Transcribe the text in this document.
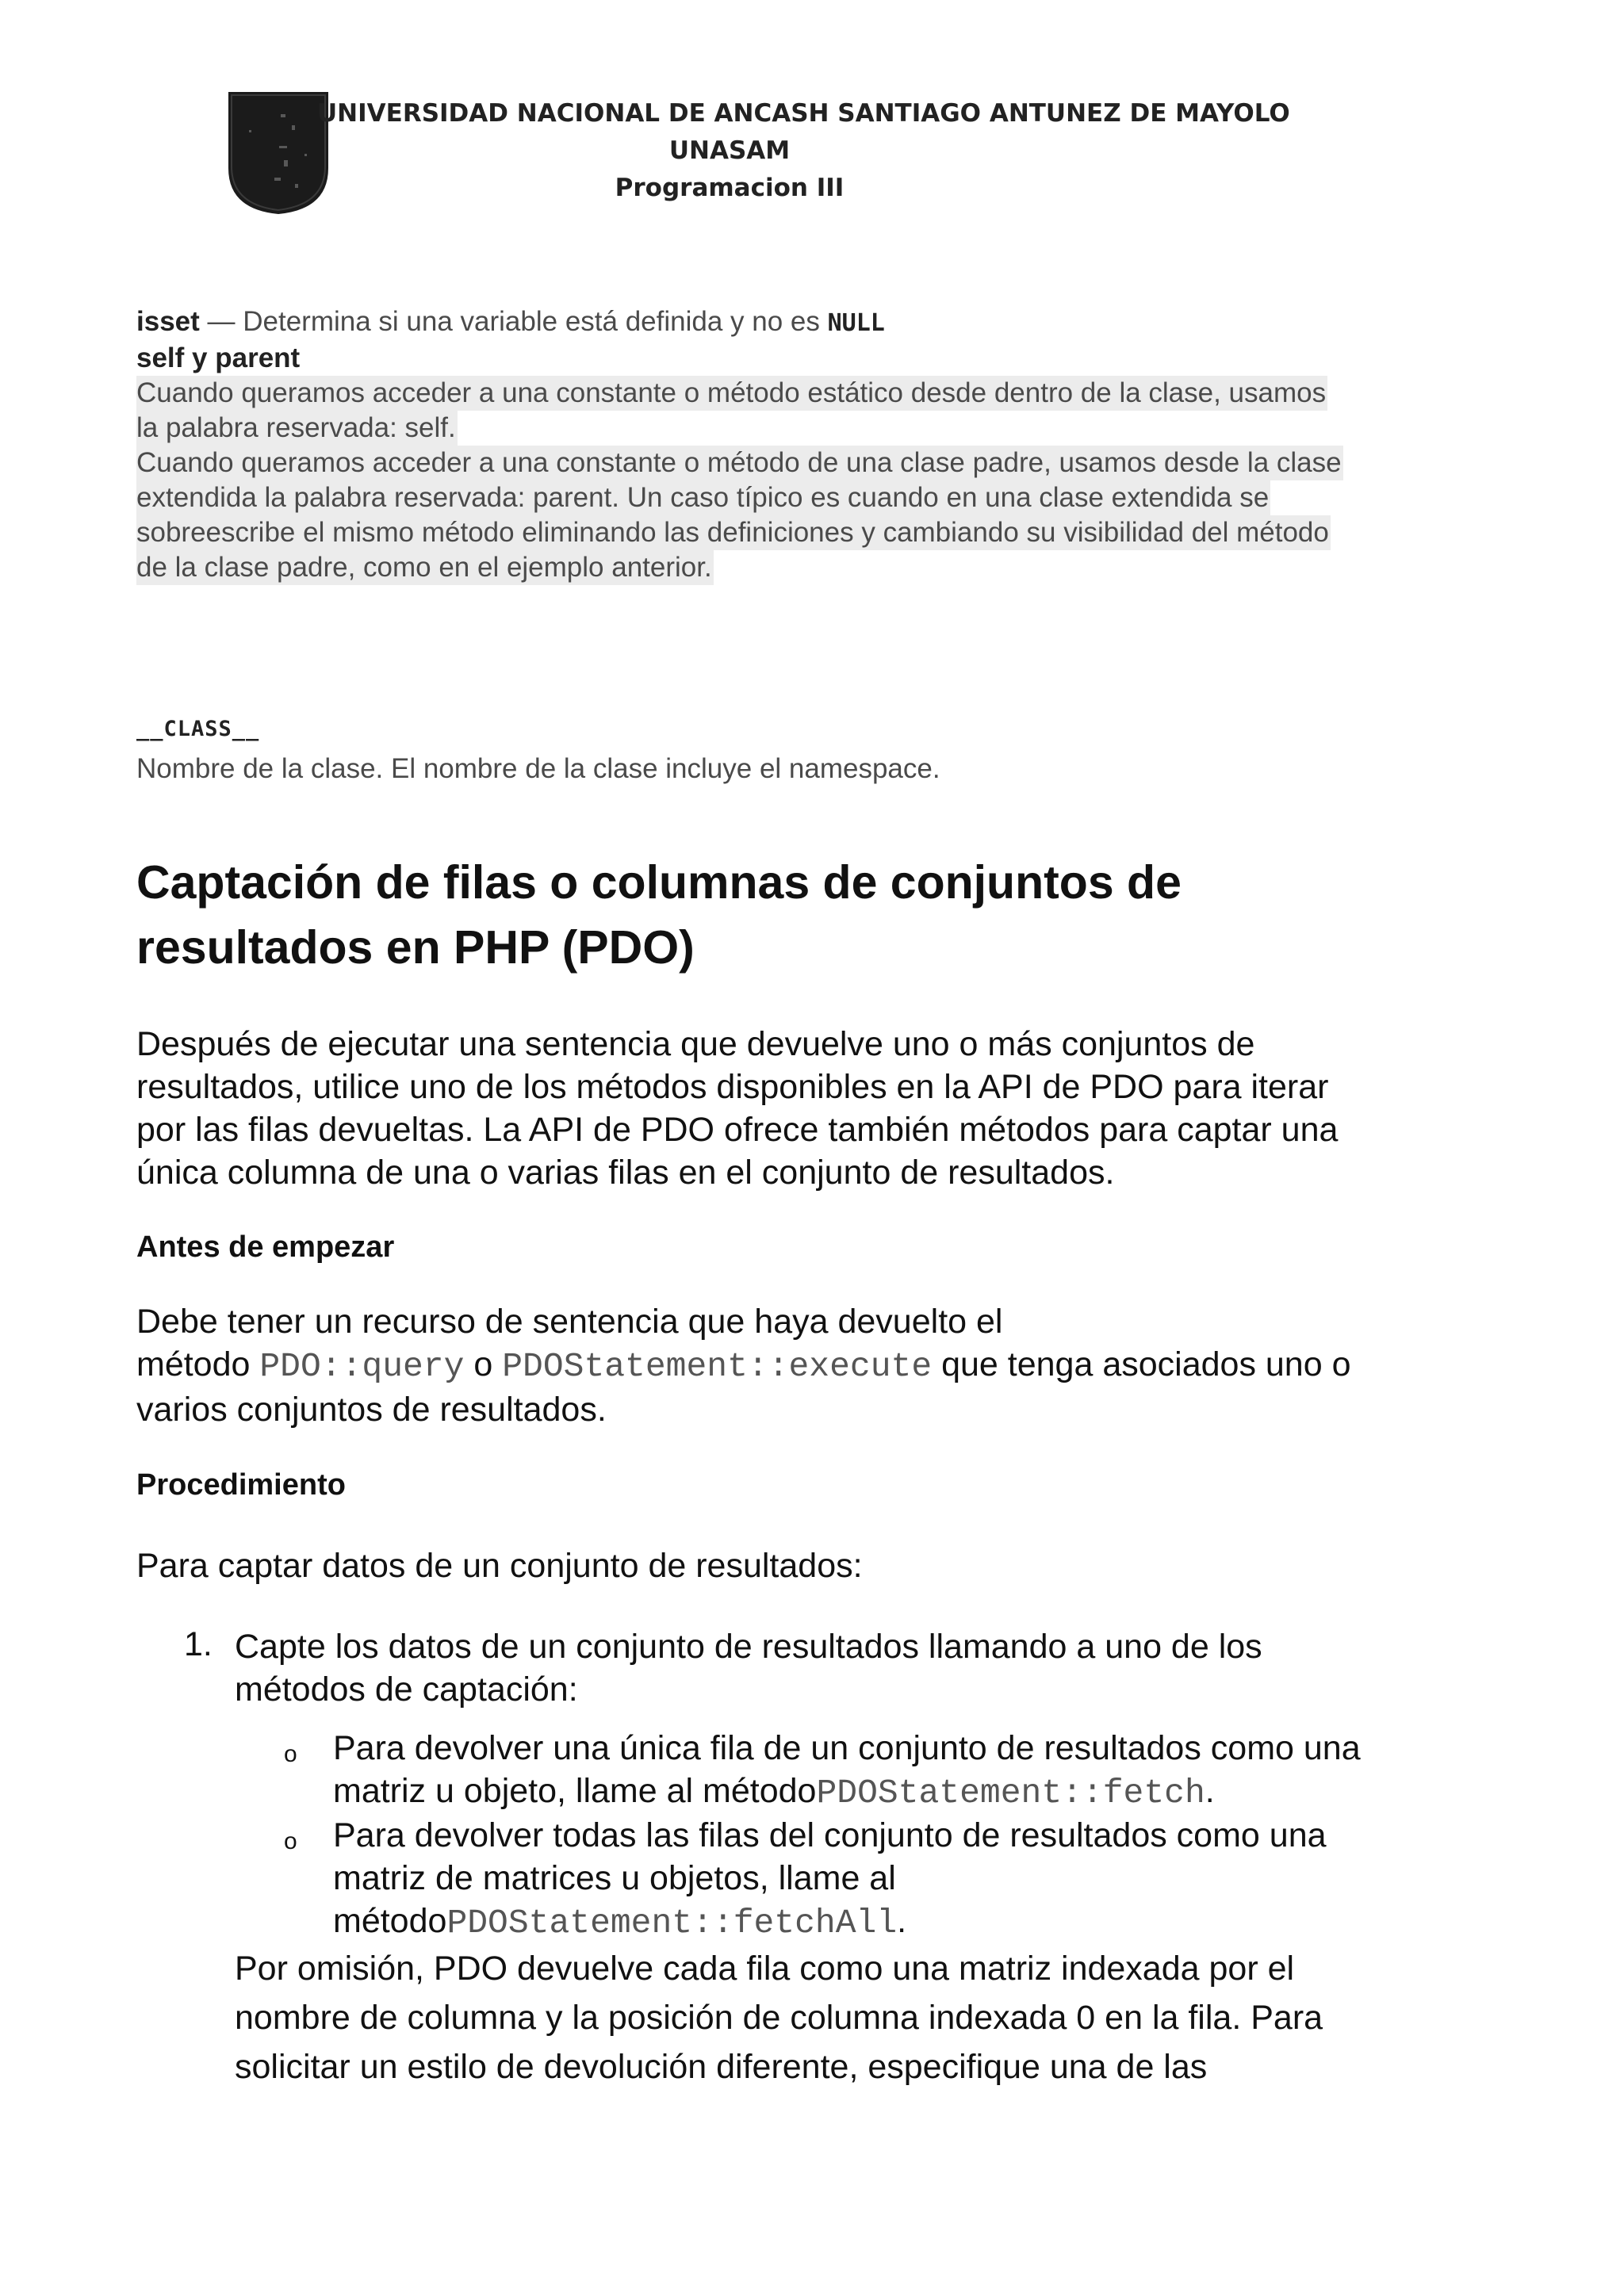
UNIVERSIDAD NACIONAL DE ANCASH SANTIAGO ANTUNEZ DE MAYOLO
UNASAM
Programacion III
isset — Determina si una variable está definida y no es NULL
self y parent
Cuando queramos acceder a una constante o método estático desde dentro de la clase, usamos
la palabra reservada: self.
Cuando queramos acceder a una constante o método de una clase padre, usamos desde la clase
extendida la palabra reservada: parent. Un caso típico es cuando en una clase extendida se
sobreescribe el mismo método eliminando las definiciones y cambiando su visibilidad del método
de la clase padre, como en el ejemplo anterior.
__CLASS__
Nombre de la clase. El nombre de la clase incluye el namespace.
Captación de filas o columnas de conjuntos de
resultados en PHP (PDO)

Después de ejecutar una sentencia que devuelve uno o más conjuntos de
resultados, utilice uno de los métodos disponibles en la API de PDO para iterar
por las filas devueltas. La API de PDO ofrece también métodos para captar una
única columna de una o varias filas en el conjunto de resultados.

Antes de empezar

Debe tener un recurso de sentencia que haya devuelto el
método PDO::query o PDOStatement::execute que tenga asociados uno o
varios conjuntos de resultados.

Procedimiento

Para captar datos de un conjunto de resultados:

1. Capte los datos de un conjunto de resultados llamando a uno de los
métodos de captación:
o Para devolver una única fila de un conjunto de resultados como una
matriz u objeto, llame al métodoPDOStatement::fetch.
o Para devolver todas las filas del conjunto de resultados como una
matriz de matrices u objetos, llame al
métodoPDOStatement::fetchAll.
Por omisión, PDO devuelve cada fila como una matriz indexada por el
nombre de columna y la posición de columna indexada 0 en la fila. Para
solicitar un estilo de devolución diferente, especifique una de las
